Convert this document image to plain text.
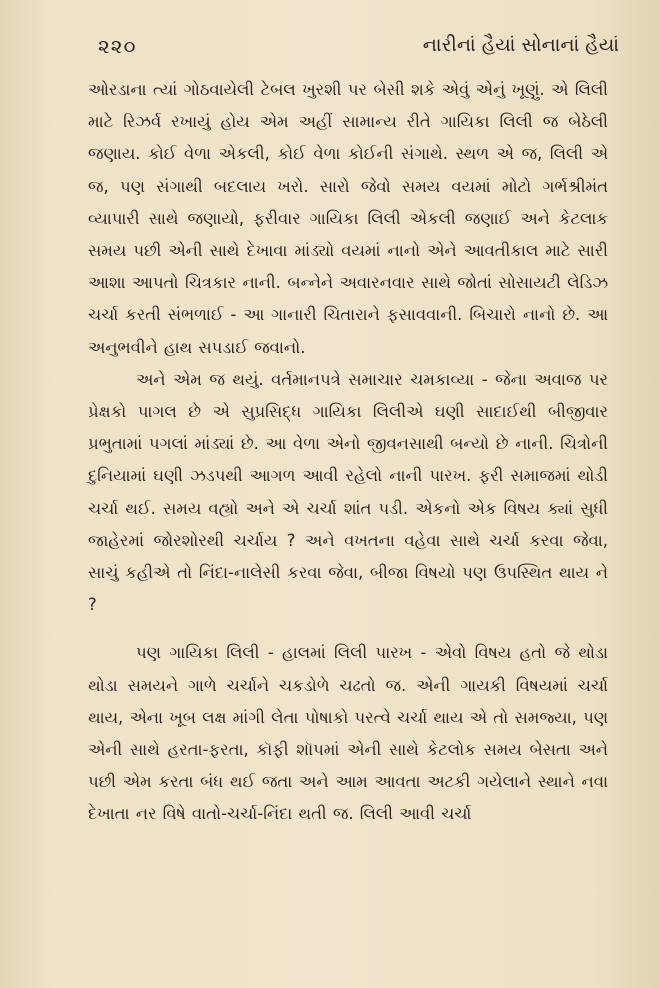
૨૨૦	નારીનાં હૈયાં સોનાનાં હૈયાં

ઓરડાના ત્યાં ગોઠવાયેલી ટેબલ ખુરશી પર બેસી શકે એવું એનું ખૂણું. એ લિલી માટે રિઝર્વ રખાયું હોય એમ અહીં સામાન્ય રીતે ગાયિકા લિલી જ બેઠેલી જણાય. કોઈ વેળા એકલી, કોઈ વેળા કોઈની સંગાથે. સ્થળ એ જ, લિલી એ જ, પણ સંગાથી બદલાય ખરો. સારો જેવો સમય વયમાં મોટો ગર્ભશ્રીમંત વ્યાપારી સાથે જણાયો, ફરીવાર ગાયિકા લિલી એકલી જણાઈ અને કેટલાક સમય પછી એની સાથે દેખાવા માંડ્યો વયમાં નાનો એને આવતીકાલ માટે સારી આશા આપતો ચિત્રકાર નાની. બન્નેને અવારનવાર સાથે જોતાં સોસાયટી લેડિઝ ચર્ચા કરતી સંભળાઈ - આ ગાનારી ચિતારાને ફસાવવાની. બિચારો નાનો છે. આ અનુભવીને હાથ સપડાઈ જવાનો.

અને એમ જ થયું. વર્તમાનપત્રે સમાચાર ચમકાવ્યા - જેના અવાજ પર પ્રેક્ષકો પાગલ છે એ સુપ્રસિદ્ધ ગાયિકા લિલીએ ઘણી સાદાઈથી બીજીવાર પ્રભુતામાં પગલાં માંડ્યાં છે. આ વેળા એનો જીવનસાથી બન્યો છે નાની. ચિત્રોની દુનિયામાં ઘણી ઝડપથી આગળ આવી રહેલો નાની પારખ. ફરી સમાજમાં થોડી ચર્ચા થઈ. સમય વહ્યો અને એ ચર્ચા શાંત પડી. એકનો એક વિષય ક્યાં સુધી જાહેરમાં જોરશોરથી ચર્ચાય ? અને વખતના વહેવા સાથે ચર્ચા કરવા જેવા, સાચું કહીએ તો નિંદા-નાલેસી કરવા જેવા, બીજા વિષયો પણ ઉપસ્થિત થાય ને ?

પણ ગાયિકા લિલી - હાલમાં લિલી પારખ - એવો વિષય હતો જે થોડા થોડા સમયને ગાળે ચર્ચાને ચકડોળે ચઢતો જ. એની ગાયકી વિષયમાં ચર્ચા થાય, એના ખૂબ લક્ષ માંગી લેતા પોષાકો પરત્વે ચર્ચા થાય એ તો સમજ્યા, પણ એની સાથે હરતા-ફરતા, કૉફી શૉપમાં એની સાથે કેટલોક સમય બેસતા અને પછી એમ કરતા બંધ થઈ જતા અને આમ આવતા અટકી ગયેલાને સ્થાને નવા દેખાતા નર વિષે વાતો-ચર્ચા-નિંદા થતી જ. લિલી આવી ચર્ચા
